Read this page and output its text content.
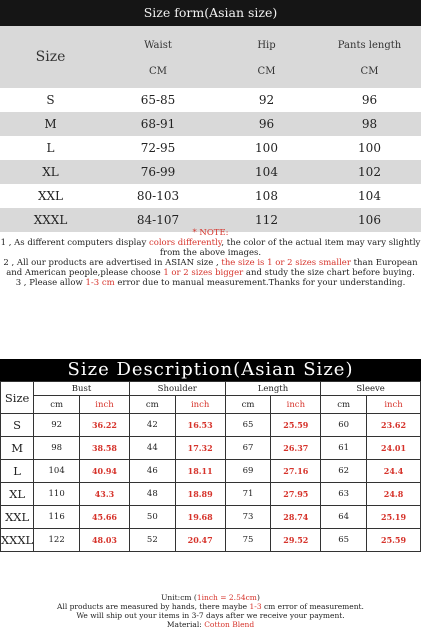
Size form(Asian size)
Size
Waist	Hip	Pants length
CM	CM	CM
S	65-85	92	96
M	68-91	96	98
L	72-95	100	100
XL	76-99	104	102
XXL	80-103	108	104
XXXL	84-107	112	106
* NOTE:
1 , As different computers display colors differently, the color of the actual item may vary slightly from the above images.
2 , All our products are advertised in ASIAN size , the size is 1 or 2 sizes smaller than European and American people,please choose 1 or 2 sizes bigger and study the size chart before buying.
3 , Please allow 1-3 cm error due to manual measurement.Thanks for your understanding.
Size Description(Asian Size)
Size	Bust		Shoulder		Length		Sleeve	
	cm	inch	cm	inch	cm	inch	cm	inch
S	92	36.22	42	16.53	65	25.59	60	23.62
M	98	38.58	44	17.32	67	26.37	61	24.01
L	104	40.94	46	18.11	69	27.16	62	24.4
XL	110	43.3	48	18.89	71	27.95	63	24.8
XXL	116	45.66	50	19.68	73	28.74	64	25.19
XXXL	122	48.03	52	20.47	75	29.52	65	25.59
Unit:cm (1inch = 2.54cm)
All products are measured by hands, there maybe 1-3 cm error of measurement.
We will ship out your items in 3-7 days after we receive your payment.
Material: Cotton Blend
